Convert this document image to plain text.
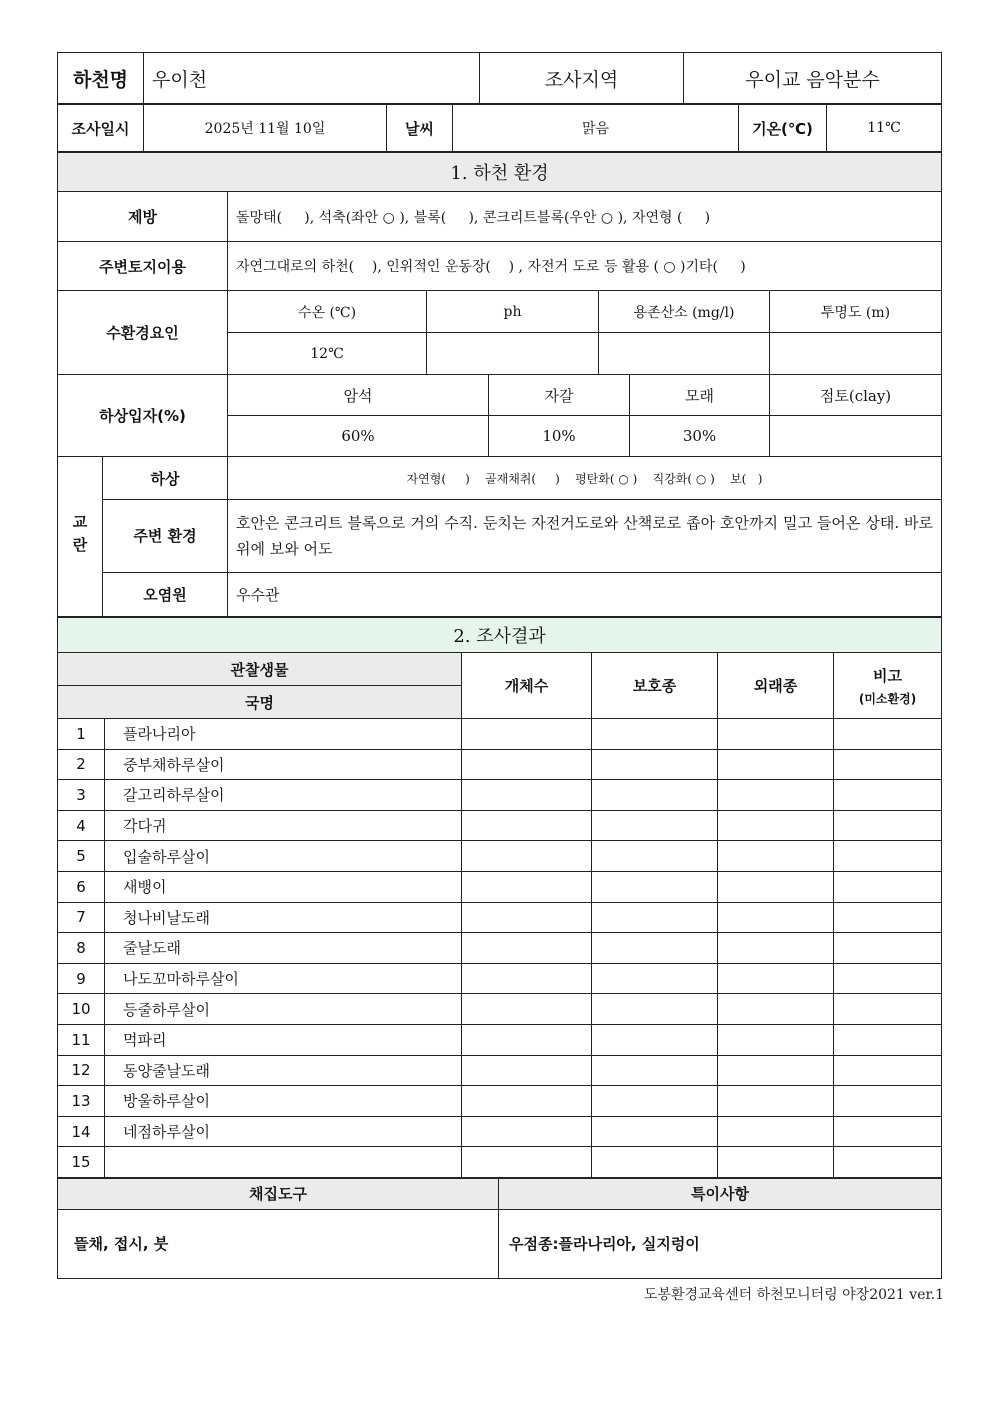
하천명	우이천	조사지역	우이교 음악분수
조사일시	2025년 11월 10일	날씨	맑음	기온(℃)	11℃
1. 하천 환경							
제방		돌망태(     ), 석축(좌안 ○ ), 블록(     ), 콘크리트블록(우안 ○ ), 자연형 (     )					
주변토지이용		자연그대로의 하천(    ), 인위적인 운동장(    ) , 자전거 도로 등 활용 ( ○ )기타(     )					
수환경요인		수온 (℃)	ph		용존산소 (mg/l)		투명도 (m)
		12℃					
하상입자(%)		암석		자갈		모래	점토(clay)
		60%		10%		30%	
교란	하상	자연형(     )    골재채취(     )    평탄화( ○ )    직강화( ○ )    보(   )					
	주변 환경	호안은 콘크리트 블록으로 거의 수직. 둔치는 자전거도로와 산책로로 좁아 호안까지 밀고 들어온 상태. 바로 위에 보와 어도					
	오염원	우수관					
2. 조사결과					
관찰생물		개체수	보호종	외래종	비고
(미소환경)

국명					
1	플라나리아				
2	중부채하루살이				
3	갈고리하루살이				
4	각다귀				
5	입술하루살이				
6	새뱅이				
7	청나비날도래				
8	줄날도래				
9	나도꼬마하루살이				
10	등줄하루살이				
11	먹파리				
12	동양줄날도래				
13	방울하루살이				
14	네점하루살이				
15					
채집도구	특이사항
뜰채, 접시, 붓	우점종:플라나리아, 실지렁이
도봉환경교육센터 하천모니터링 야장2021 ver.1
